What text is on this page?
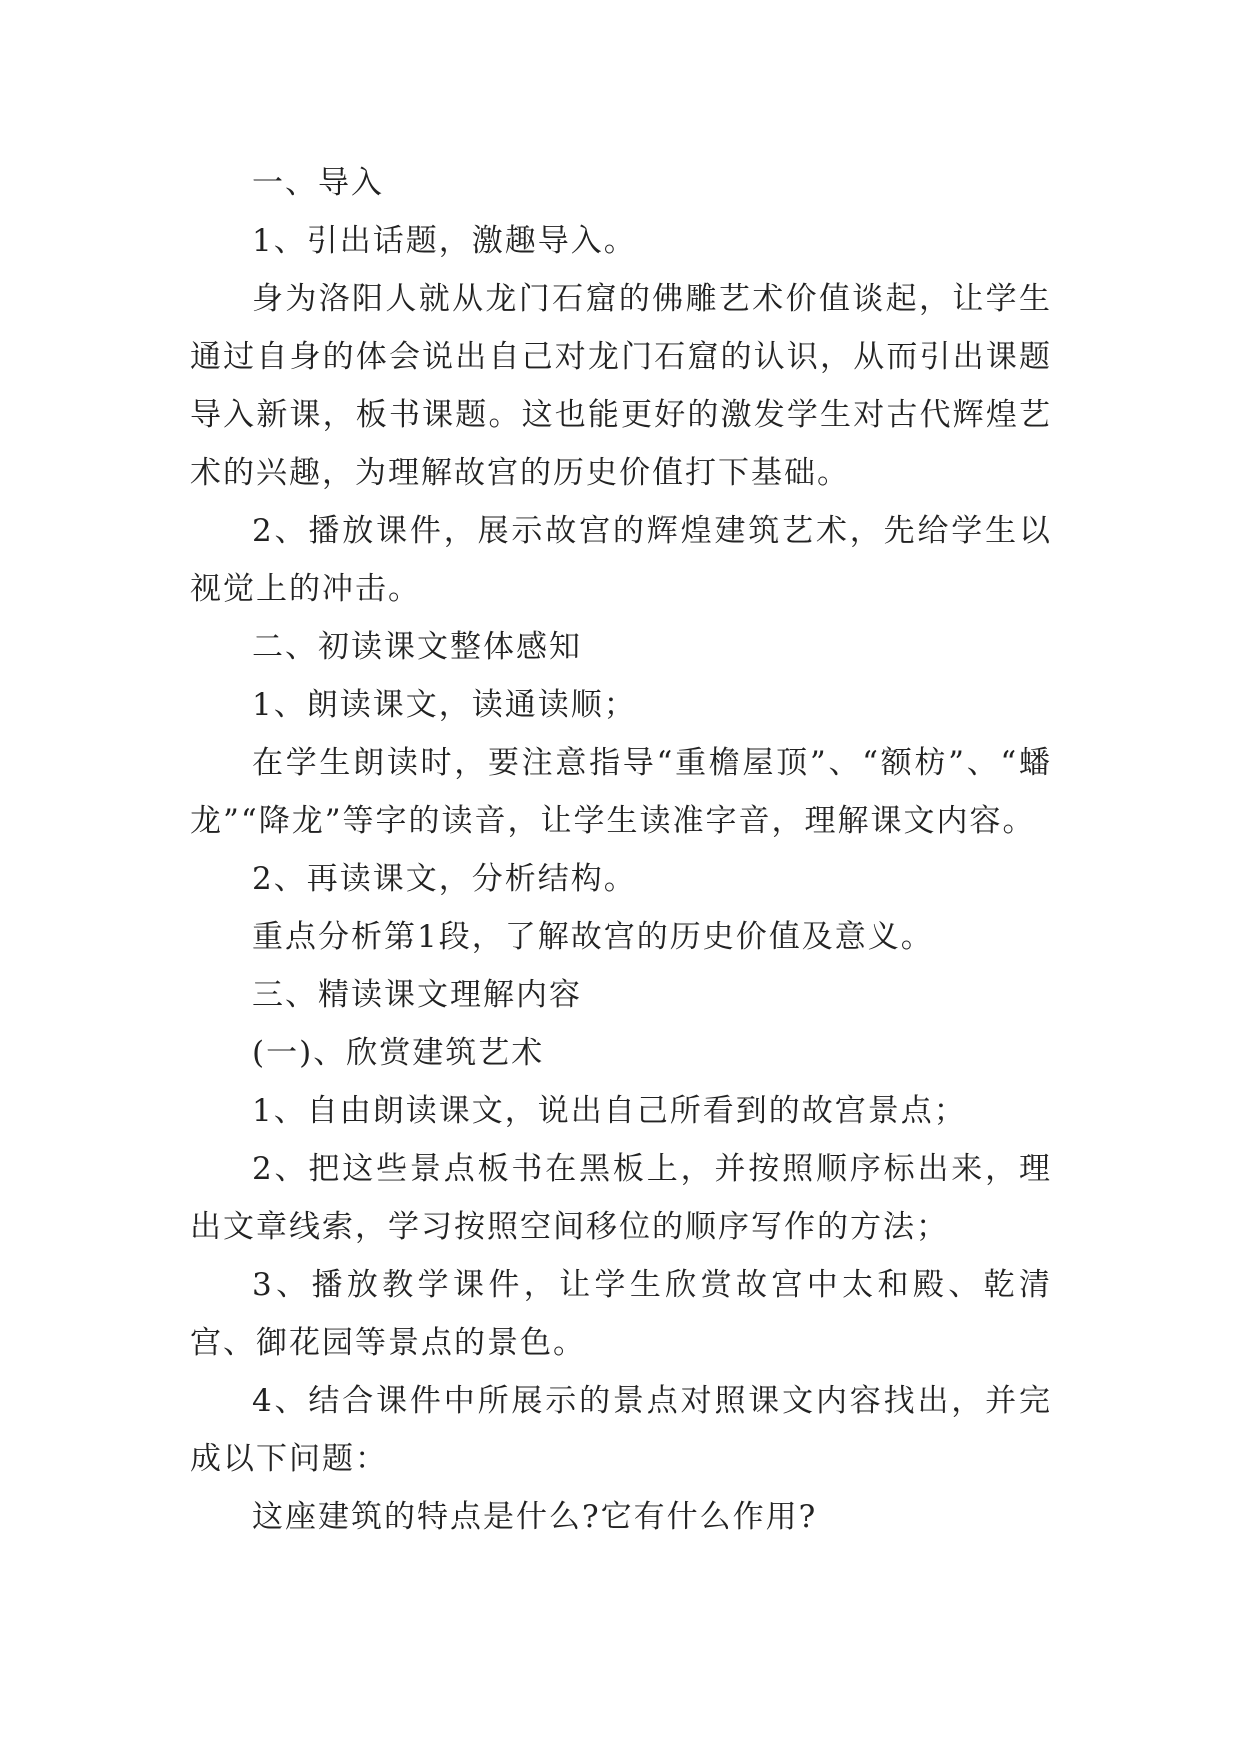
一、导入

1、引出话题，激趣导入。

身为洛阳人就从龙门石窟的佛雕艺术价值谈起，让学生通过自身的体会说出自己对龙门石窟的认识，从而引出课题导入新课，板书课题。这也能更好的激发学生对古代辉煌艺术的兴趣，为理解故宫的历史价值打下基础。

2、播放课件，展示故宫的辉煌建筑艺术，先给学生以视觉上的冲击。

二、初读课文整体感知

1、朗读课文，读通读顺；

在学生朗读时，要注意指导“重檐屋顶”、“额枋”、“蟠龙”“降龙”等字的读音，让学生读准字音，理解课文内容。

2、再读课文，分析结构。

重点分析第1段，了解故宫的历史价值及意义。

三、精读课文理解内容

(一)、欣赏建筑艺术

1、自由朗读课文，说出自己所看到的故宫景点；

2、把这些景点板书在黑板上，并按照顺序标出来，理出文章线索，学习按照空间移位的顺序写作的方法；

3、播放教学课件，让学生欣赏故宫中太和殿、乾清宫、御花园等景点的景色。

4、结合课件中所展示的景点对照课文内容找出，并完成以下问题：

这座建筑的特点是什么?它有什么作用?
